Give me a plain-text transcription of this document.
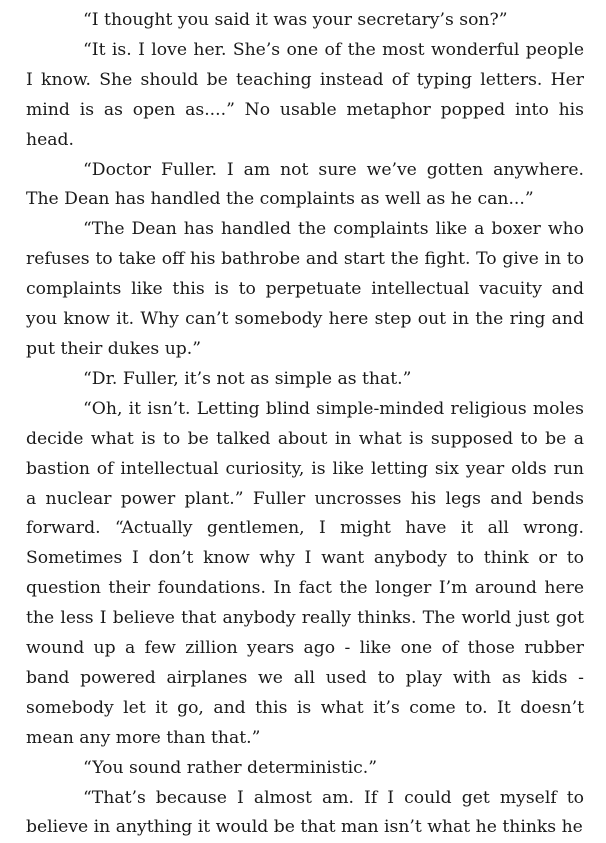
“I thought you said it was your secretary’s son?”

“It is. I love her. She’s one of the most wonderful people I know. She should be teaching instead of typing letters. Her mind is as open as....” No usable metaphor popped into his head.

“Doctor Fuller. I am not sure we’ve gotten anywhere. The Dean has handled the complaints as well as he can...”

“The Dean has handled the complaints like a boxer who refuses to take off his bathrobe and start the fight. To give in to complaints like this is to perpetuate intellectual vacuity and you know it. Why can’t somebody here step out in the ring and put their dukes up.”

“Dr. Fuller, it’s not as simple as that.”

“Oh, it isn’t. Letting blind simple-minded religious moles decide what is to be talked about in what is supposed to be a bastion of intellectual curiosity, is like letting six year olds run a nuclear power plant.” Fuller uncrosses his legs and bends forward. “Actually gentlemen, I might have it all wrong. Sometimes I don’t know why I want anybody to think or to question their foundations. In fact the longer I’m around here the less I believe that anybody really thinks. The world just got wound up a few zillion years ago - like one of those rubber band powered airplanes we all used to play with as kids - somebody let it go, and this is what it’s come to. It doesn’t mean any more than that.”

“You sound rather deterministic.”

“That’s because I almost am. If I could get myself to believe in anything it would be that man isn’t what he thinks he
